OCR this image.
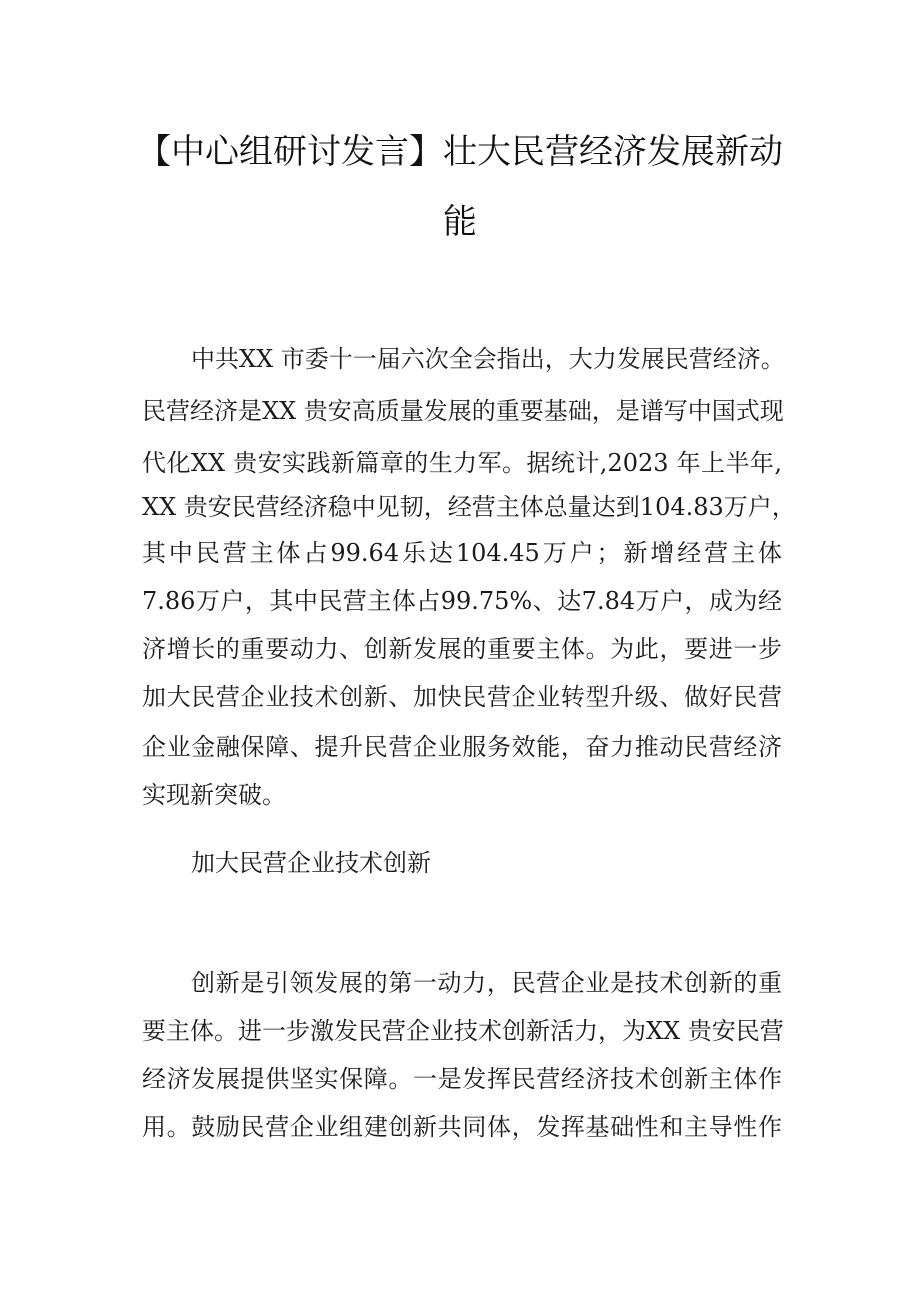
【中心组研讨发言】壮大民营经济发展新动
能
中共XX 市委十一届六次全会指出，大力发展民营经济。
民营经济是XX 贵安高质量发展的重要基础，是谱写中国式现
代化XX 贵安实践新篇章的生力军。据统计,2023 年上半年,
XX 贵安民营经济稳中见韧，经营主体总量达到104.83万户，
其中民营主体占99.64乐达104.45万户；新增经营主体
7.86万户，其中民营主体占99.75%、达7.84万户，成为经
济增长的重要动力、创新发展的重要主体。为此，要进一步
加大民营企业技术创新、加快民营企业转型升级、做好民营
企业金融保障、提升民营企业服务效能，奋力推动民营经济
实现新突破。
加大民营企业技术创新
创新是引领发展的第一动力，民营企业是技术创新的重
要主体。进一步激发民营企业技术创新活力，为XX 贵安民营
经济发展提供坚实保障。一是发挥民营经济技术创新主体作
用。鼓励民营企业组建创新共同体，发挥基础性和主导性作
